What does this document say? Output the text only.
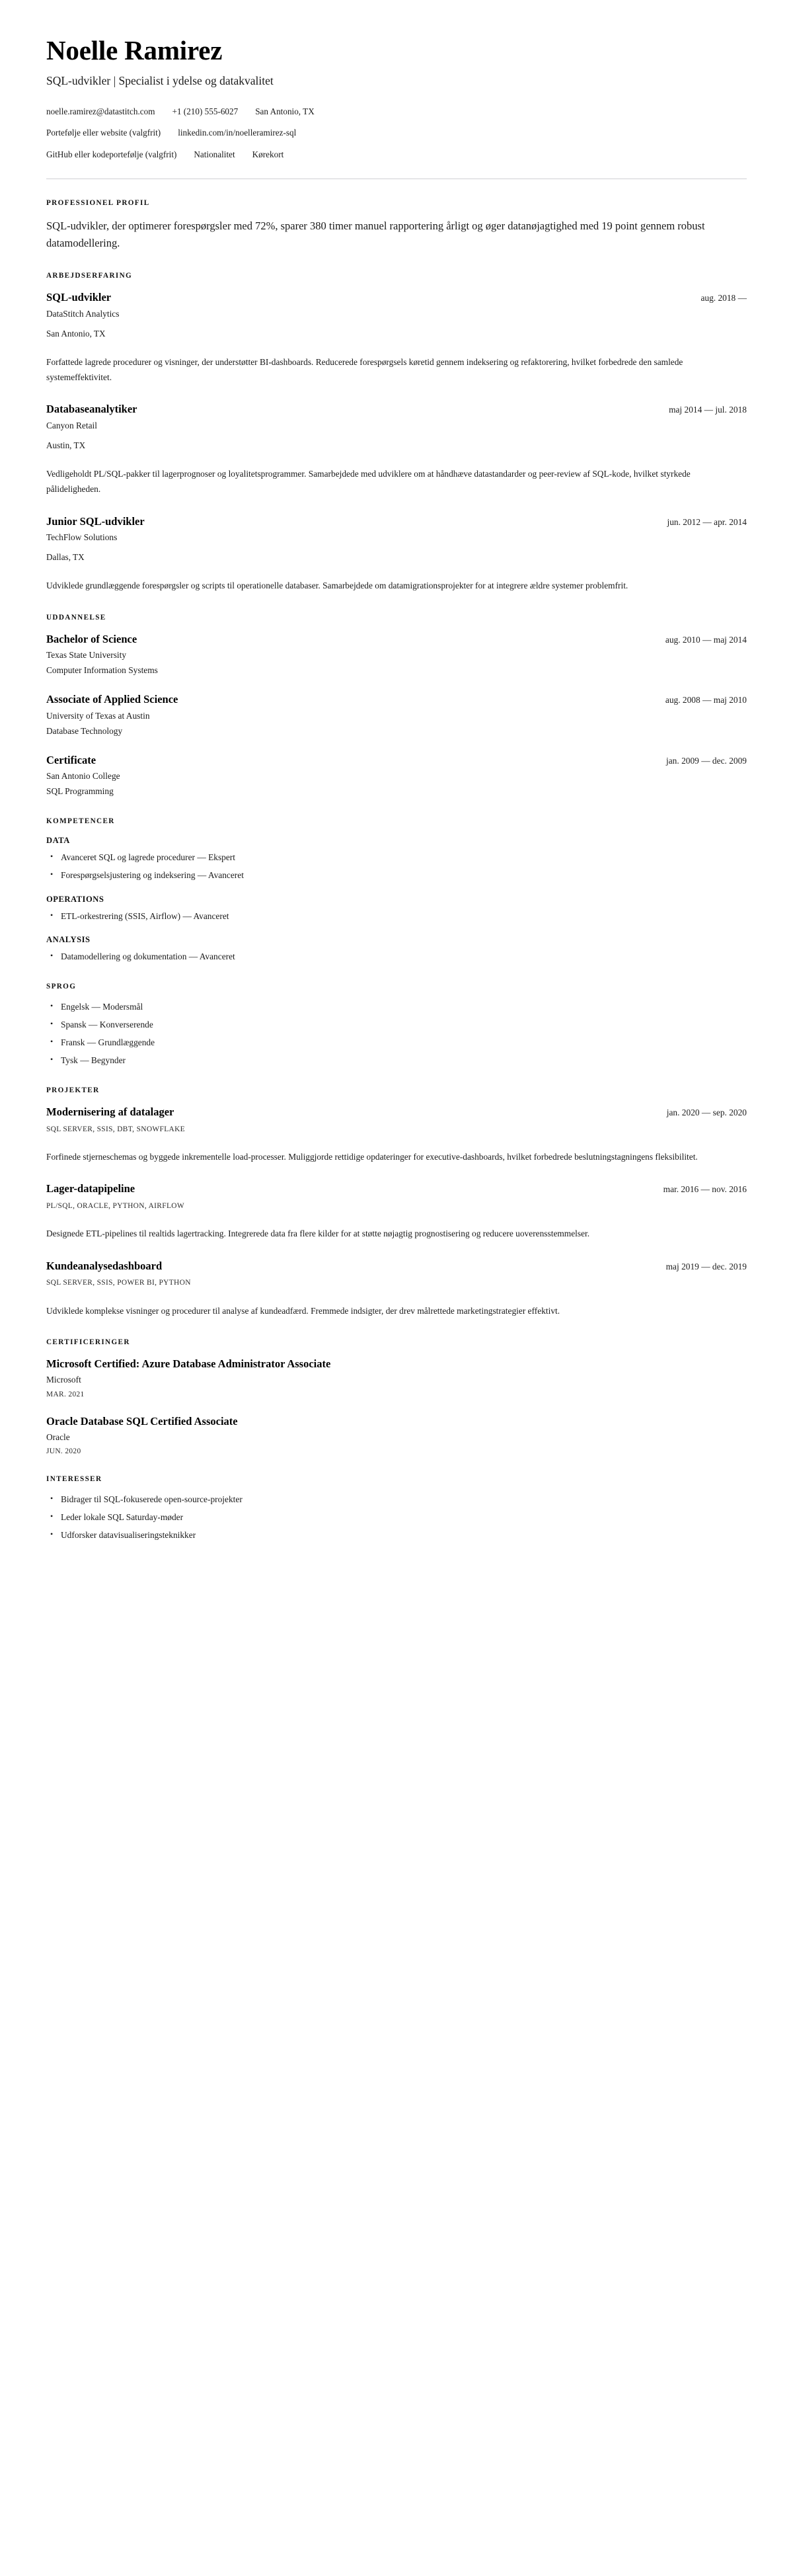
Noelle Ramirez
SQL-udvikler | Specialist i ydelse og datakvalitet
noelle.ramirez@datastitch.com +1 (210) 555-6027 San Antonio, TX
Portefølje eller website (valgfrit) linkedin.com/in/noelleramirez-sql
GitHub eller kodeportefølje (valgfrit) Nationalitet Kørekort
PROFESSIONEL PROFIL

SQL-udvikler, der optimerer forespørgsler med 72%, sparer 380 timer manuel rapportering årligt og øger datanøjagtighed med 19 point gennem robust datamodellering.

ARBEJDSERFARING
SQL-udvikler	aug. 2018 —
DataStitch Analytics
San Antonio, TX
Forfattede lagrede procedurer og visninger, der understøtter BI-dashboards. Reducerede forespørgsels køretid gennem indeksering og refaktorering, hvilket forbedrede den samlede systemeffektivitet.
Databaseanalytiker	maj 2014 — jul. 2018
Canyon Retail
Austin, TX
Vedligeholdt PL/SQL-pakker til lagerprognoser og loyalitetsprogrammer. Samarbejdede med udviklere om at håndhæve datastandarder og peer-review af SQL-kode, hvilket styrkede pålideligheden.
Junior SQL-udvikler	jun. 2012 — apr. 2014
TechFlow Solutions
Dallas, TX
Udviklede grundlæggende forespørgsler og scripts til operationelle databaser. Samarbejdede om datamigrationsprojekter for at integrere ældre systemer problemfrit.
UDDANNELSE
Bachelor of Science	aug. 2010 — maj 2014
Texas State University
Computer Information Systems
Associate of Applied Science	aug. 2008 — maj 2010
University of Texas at Austin
Database Technology
Certificate	jan. 2009 — dec. 2009
San Antonio College
SQL Programming
KOMPETENCER
DATA
• Avanceret SQL og lagrede procedurer — Ekspert
• Forespørgselsjustering og indeksering — Avanceret
OPERATIONS
• ETL-orkestrering (SSIS, Airflow) — Avanceret
ANALYSIS
• Datamodellering og dokumentation — Avanceret
SPROG
• Engelsk — Modersmål
• Spansk — Konverserende
• Fransk — Grundlæggende
• Tysk — Begynder
PROJEKTER
Modernisering af datalager	jan. 2020 — sep. 2020
SQL SERVER, SSIS, DBT, SNOWFLAKE
Forfinede stjerneschemas og byggede inkrementelle load-processer. Muliggjorde rettidige opdateringer for executive-dashboards, hvilket forbedrede beslutningstagningens fleksibilitet.
Lager-datapipeline	mar. 2016 — nov. 2016
PL/SQL, ORACLE, PYTHON, AIRFLOW
Designede ETL-pipelines til realtids lagertracking. Integrerede data fra flere kilder for at støtte nøjagtig prognostisering og reducere uoverensstemmelser.
Kundeanalysedashboard	maj 2019 — dec. 2019
SQL SERVER, SSIS, POWER BI, PYTHON
Udviklede komplekse visninger og procedurer til analyse af kundeadfærd. Fremmede indsigter, der drev målrettede marketingstrategier effektivt.
CERTIFICERINGER
Microsoft Certified: Azure Database Administrator Associate
Microsoft
MAR. 2021
Oracle Database SQL Certified Associate
Oracle
JUN. 2020
INTERESSER
• Bidrager til SQL-fokuserede open-source-projekter
• Leder lokale SQL Saturday-møder
• Udforsker datavisualiseringsteknikker
